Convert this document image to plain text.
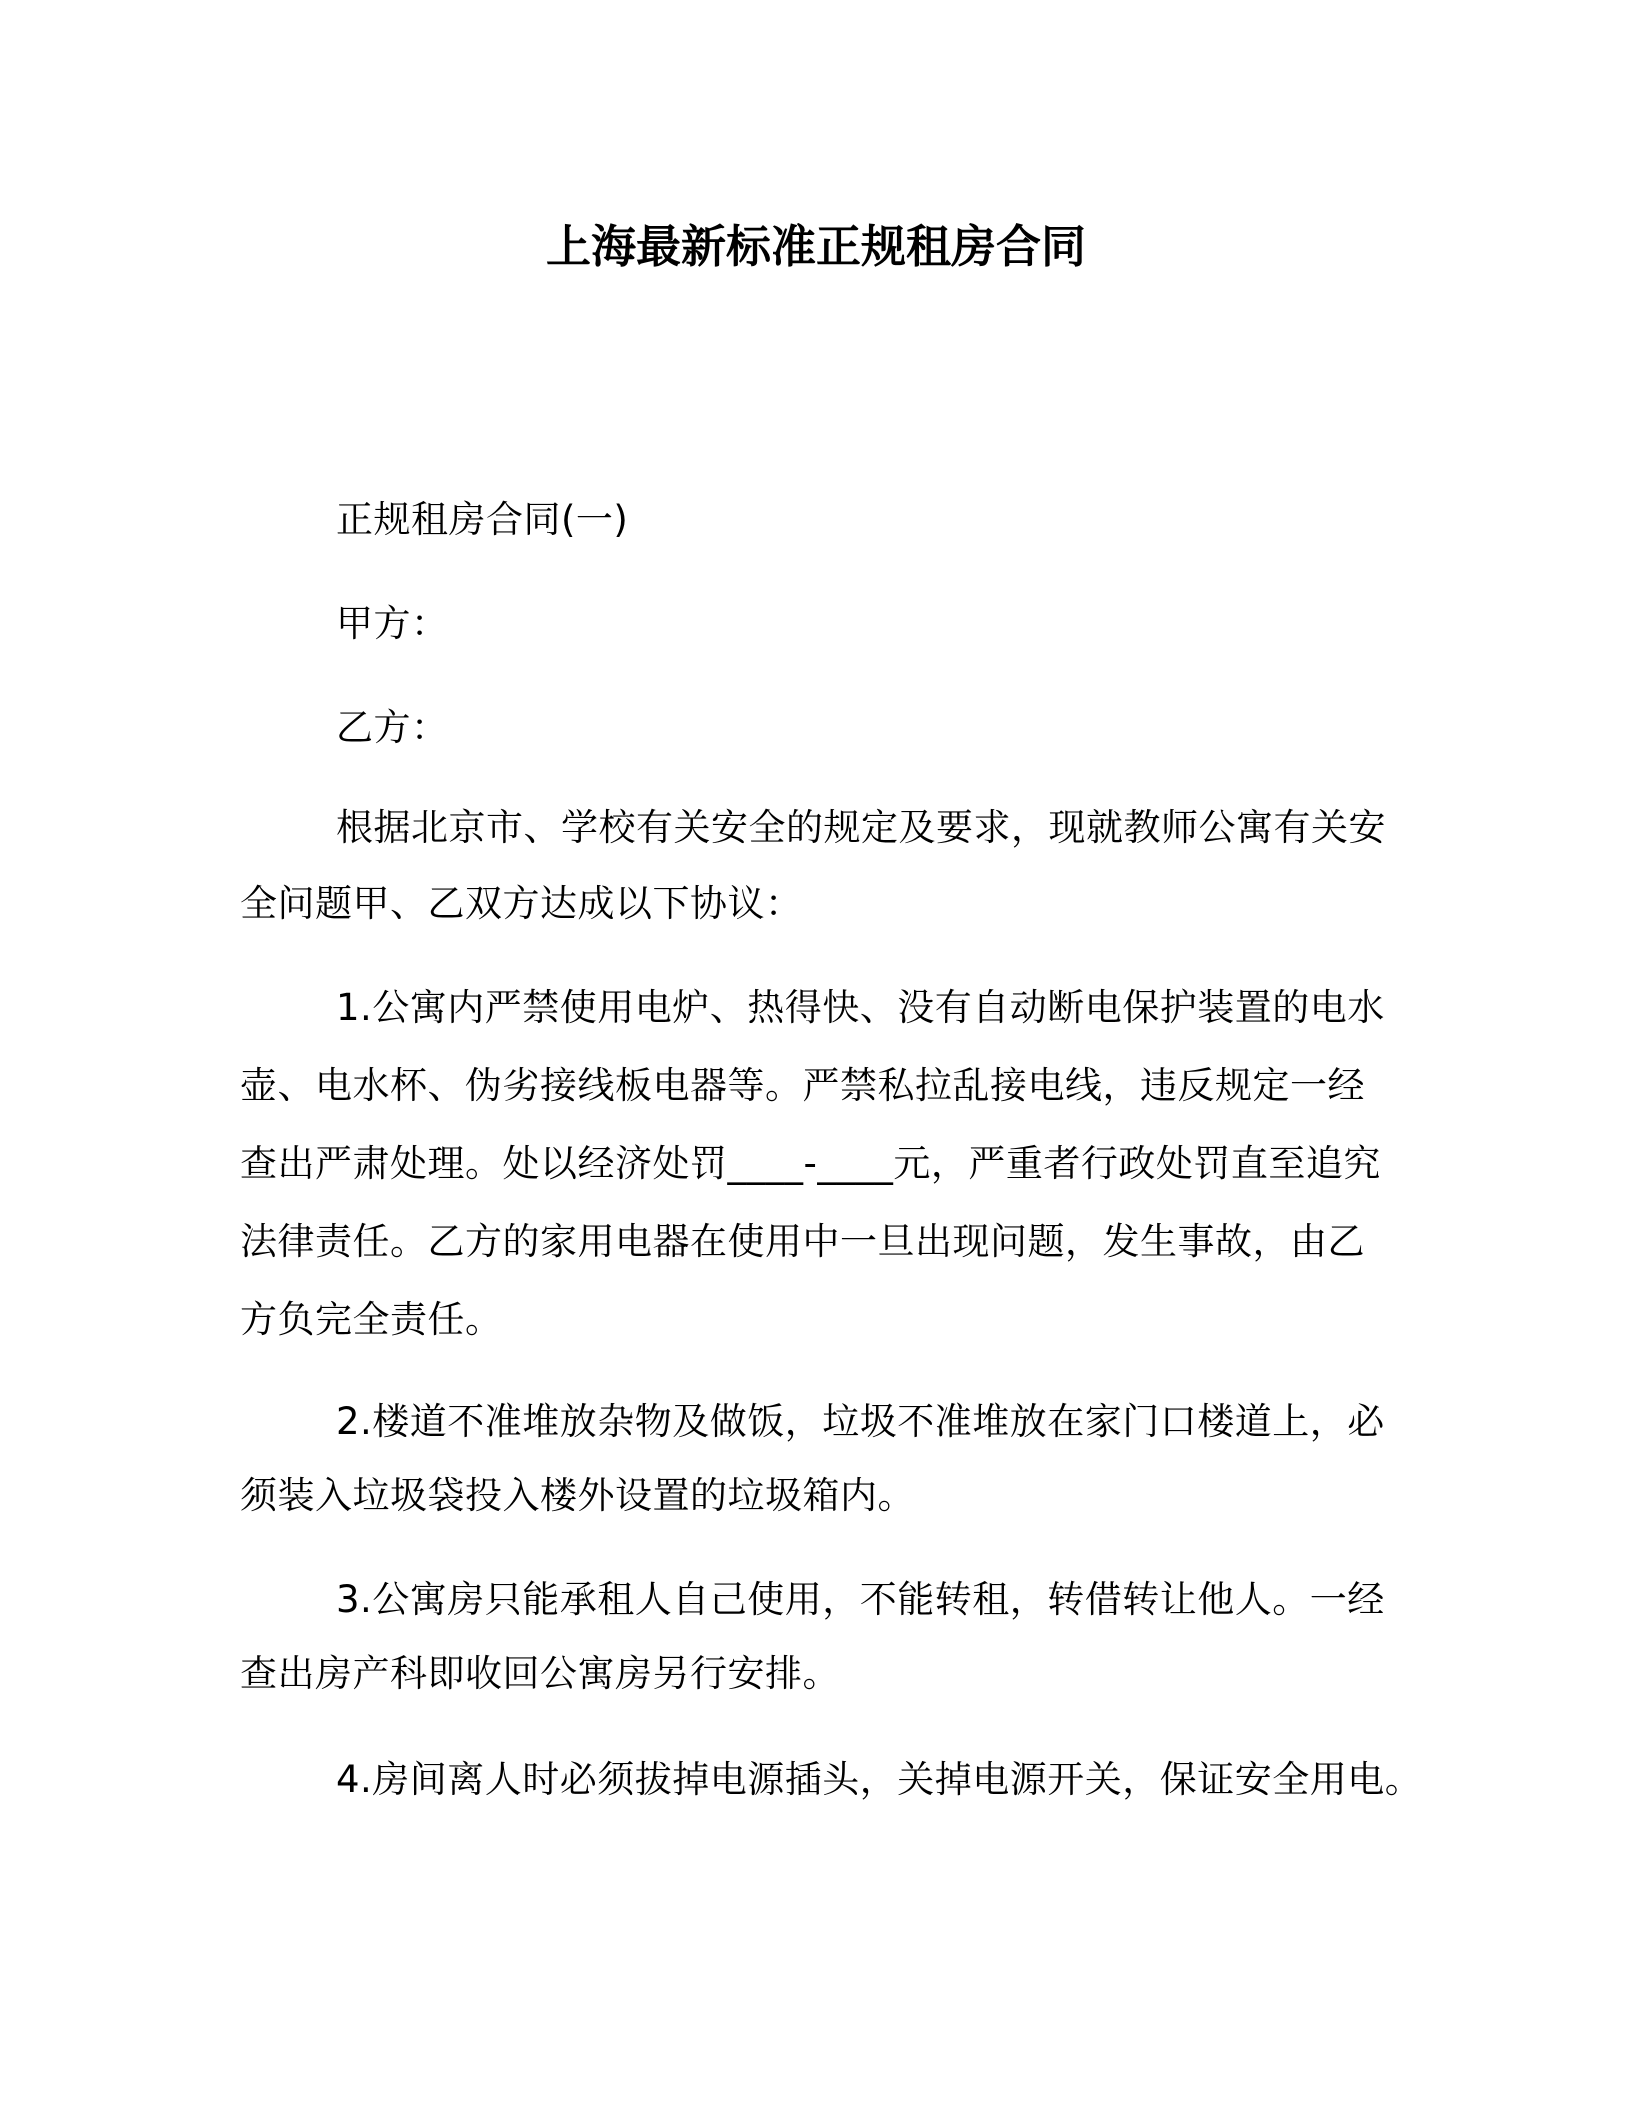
上海最新标准正规租房合同
正规租房合同(一)
甲方：
乙方：
根据北京市、学校有关安全的规定及要求，现就教师公寓有关安
全问题甲、乙双方达成以下协议：
1.公寓内严禁使用电炉、热得快、没有自动断电保护装置的电水
壶、电水杯、伪劣接线板电器等。严禁私拉乱接电线，违反规定一经
查出严肃处理。处以经济处罚____-____元，严重者行政处罚直至追究
法律责任。乙方的家用电器在使用中一旦出现问题，发生事故，由乙
方负完全责任。
2.楼道不准堆放杂物及做饭，垃圾不准堆放在家门口楼道上，必
须装入垃圾袋投入楼外设置的垃圾箱内。
3.公寓房只能承租人自己使用，不能转租，转借转让他人。一经
查出房产科即收回公寓房另行安排。
4.房间离人时必须拔掉电源插头，关掉电源开关，保证安全用电。
